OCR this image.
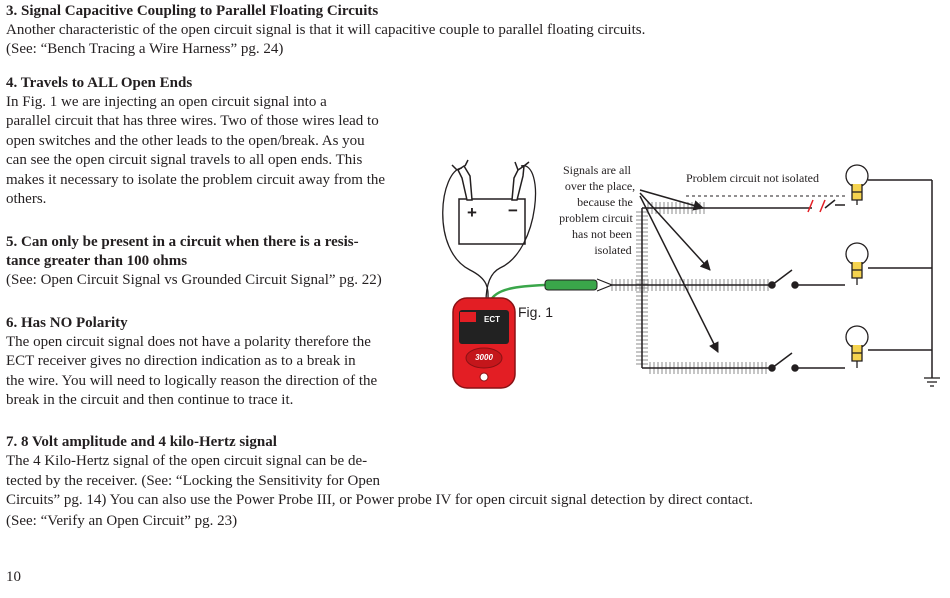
3. Signal Capacitive Coupling to Parallel Floating Circuits
Another characteristic of the open circuit signal is that it will capacitive couple to parallel floating circuits.
(See: “Bench Tracing a Wire Harness” pg. 24)
4. Travels to ALL Open Ends
In Fig. 1 we are injecting an open circuit signal into a
parallel circuit that has three wires. Two of those wires lead to
open switches and the other leads to the open/break. As you
can see the open circuit signal travels to all open ends. This
makes it necessary to isolate the problem circuit away from the
others.
5. Can only be present in a circuit when there is a resis-
tance greater than 100 ohms
(See: Open Circuit Signal vs Grounded Circuit Signal” pg. 22)
6. Has NO Polarity
The open circuit signal does not have a polarity therefore the
ECT receiver gives no direction indication as to a break in
the wire. You will need to logically reason the direction of the
break in the circuit and then continue to trace it.
7. 8 Volt amplitude and 4 kilo-Hertz signal
The 4 Kilo-Hertz signal of the open circuit signal can be de-
tected by the receiver. (See: “Locking the Sensitivity for Open
Circuits” pg. 14) You can also use the Power Probe III, or Power probe IV for open circuit signal detection by direct contact.
(See: “Verify an Open Circuit” pg. 23)
10
+ −
ECT
3000
Fig. 1
Signals are all
over the place,
because the
problem circuit
has not been
isolated
Problem circuit not isolated
